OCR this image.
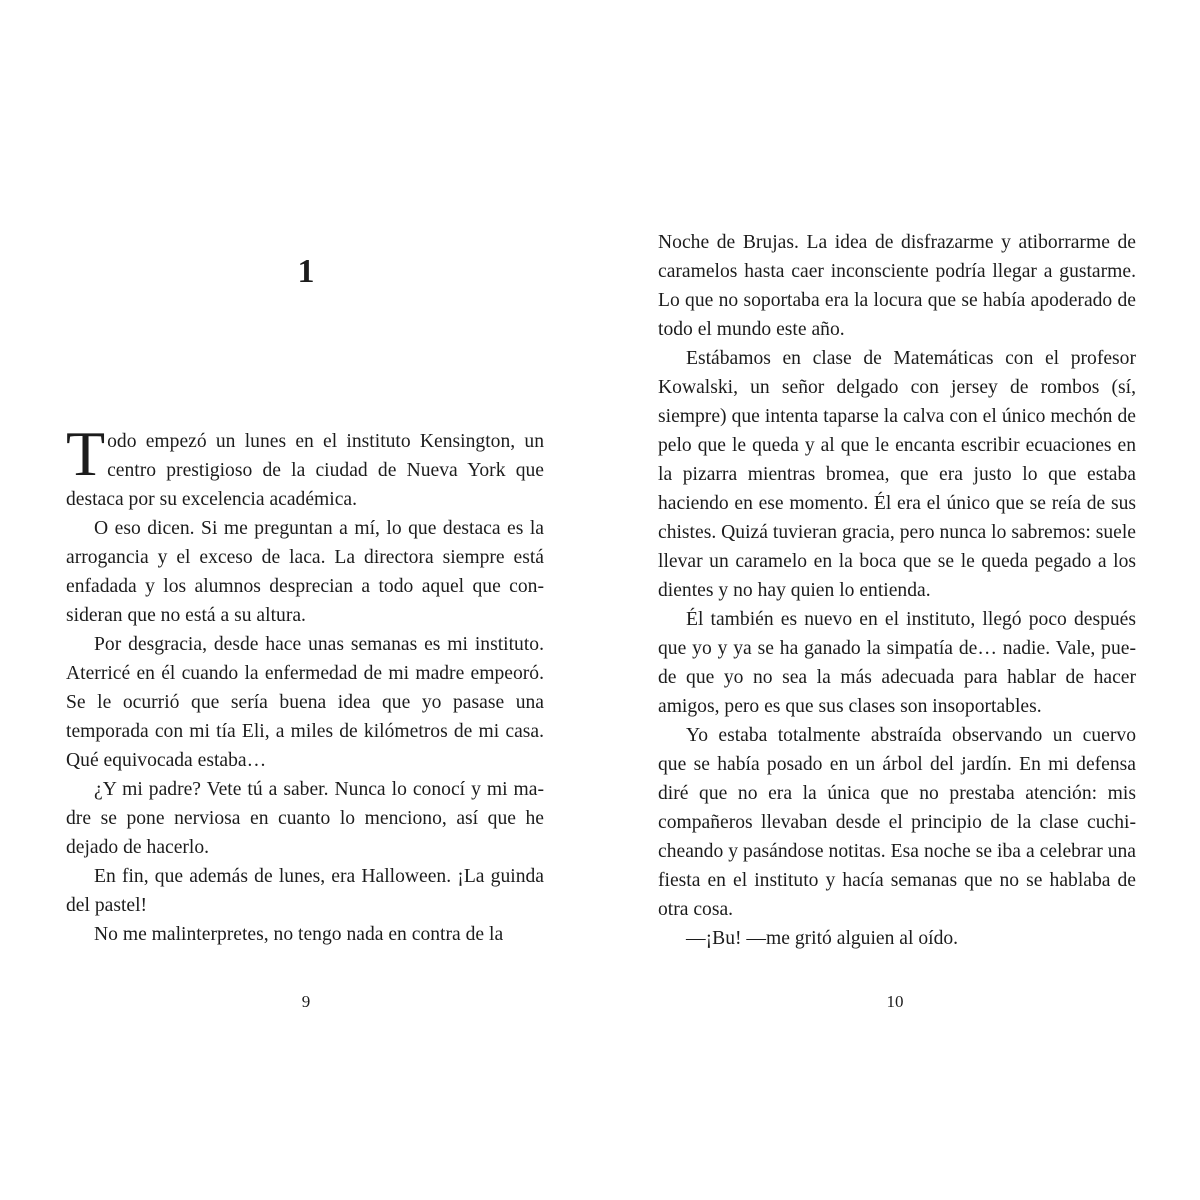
1

Todo empezó un lunes en el instituto Kensington, un centro prestigioso de la ciudad de Nueva York que destaca por su excelencia académica.

O eso dicen. Si me preguntan a mí, lo que destaca es la arrogancia y el exceso de laca. La directora siempre está enfadada y los alumnos desprecian a todo aquel que consideran que no está a su altura.

Por desgracia, desde hace unas semanas es mi instituto. Aterricé en él cuando la enfermedad de mi madre empeoró. Se le ocurrió que sería buena idea que yo pasase una temporada con mi tía Eli, a miles de kilómetros de mi casa. Qué equivocada estaba…

¿Y mi padre? Vete tú a saber. Nunca lo conocí y mi madre se pone nerviosa en cuanto lo menciono, así que he dejado de hacerlo.

En fin, que además de lunes, era Halloween. ¡La guinda del pastel!

No me malinterpretes, no tengo nada en contra de la

9

Noche de Brujas. La idea de disfrazarme y atiborrarme de caramelos hasta caer inconsciente podría llegar a gustarme. Lo que no soportaba era la locura que se había apoderado de todo el mundo este año.

Estábamos en clase de Matemáticas con el profesor Kowalski, un señor delgado con jersey de rombos (sí, siempre) que intenta taparse la calva con el único mechón de pelo que le queda y al que le encanta escribir ecuaciones en la pizarra mientras bromea, que era justo lo que estaba haciendo en ese momento. Él era el único que se reía de sus chistes. Quizá tuvieran gracia, pero nunca lo sabremos: suele llevar un caramelo en la boca que se le queda pegado a los dientes y no hay quien lo entienda.

Él también es nuevo en el instituto, llegó poco después que yo y ya se ha ganado la simpatía de… nadie. Vale, puede que yo no sea la más adecuada para hablar de hacer amigos, pero es que sus clases son insoportables.

Yo estaba totalmente abstraída observando un cuervo que se había posado en un árbol del jardín. En mi defensa diré que no era la única que no prestaba atención: mis compañeros llevaban desde el principio de la clase cuchicheando y pasándose notitas. Esa noche se iba a celebrar una fiesta en el instituto y hacía semanas que no se hablaba de otra cosa.

—¡Bu! —me gritó alguien al oído.

10
